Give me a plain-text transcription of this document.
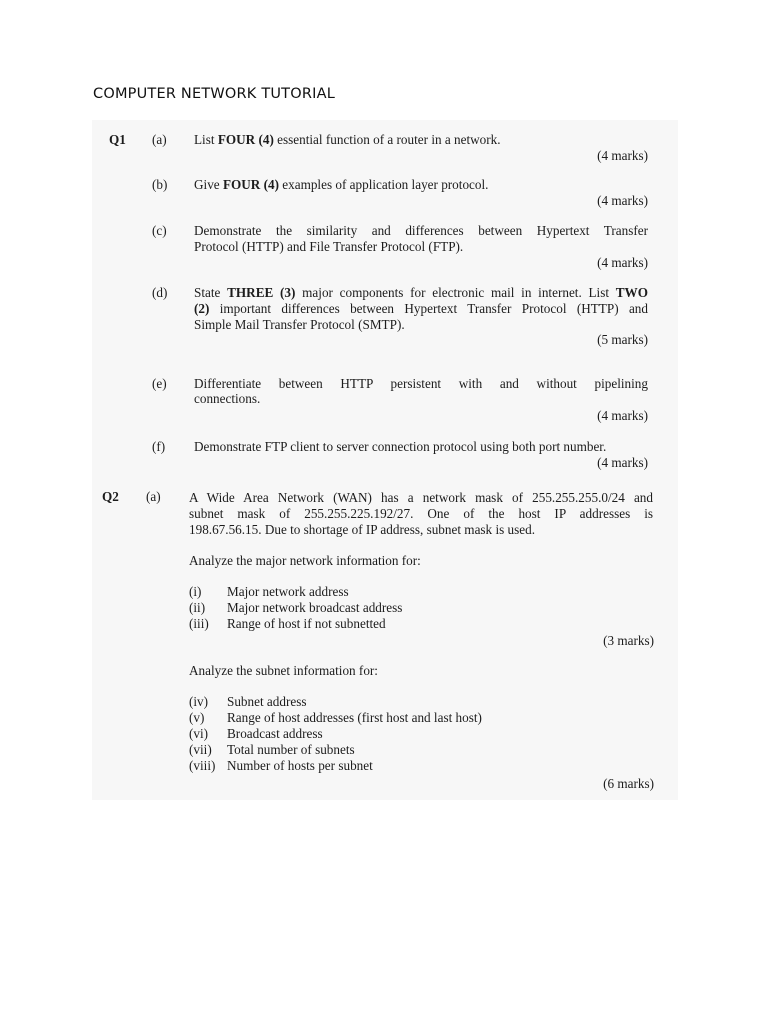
COMPUTER NETWORK TUTORIAL
Q1 (a) List FOUR (4) essential function of a router in a network.
(4 marks)
(b) Give FOUR (4) examples of application layer protocol.
(4 marks)
(c) Demonstrate the similarity and differences between Hypertext Transfer
Protocol (HTTP) and File Transfer Protocol (FTP).
(4 marks)
(d) State THREE (3) major components for electronic mail in internet. List TWO
(2) important differences between Hypertext Transfer Protocol (HTTP) and
Simple Mail Transfer Protocol (SMTP).
(5 marks)
(e) Differentiate between HTTP persistent with and without pipelining
connections.
(4 marks)
(f) Demonstrate FTP client to server connection protocol using both port number.
(4 marks)
Q2 (a) A Wide Area Network (WAN) has a network mask of 255.255.255.0/24 and
subnet mask of 255.255.225.192/27. One of the host IP addresses is
198.67.56.15. Due to shortage of IP address, subnet mask is used.
Analyze the major network information for:
(i)	Major network address
(ii)	Major network broadcast address
(iii)	Range of host if not subnetted
(3 marks)
Analyze the subnet information for:
(iv)	Subnet address
(v)	Range of host addresses (first host and last host)
(vi)	Broadcast address
(vii)	Total number of subnets
(viii) Number of hosts per subnet
(6 marks)
